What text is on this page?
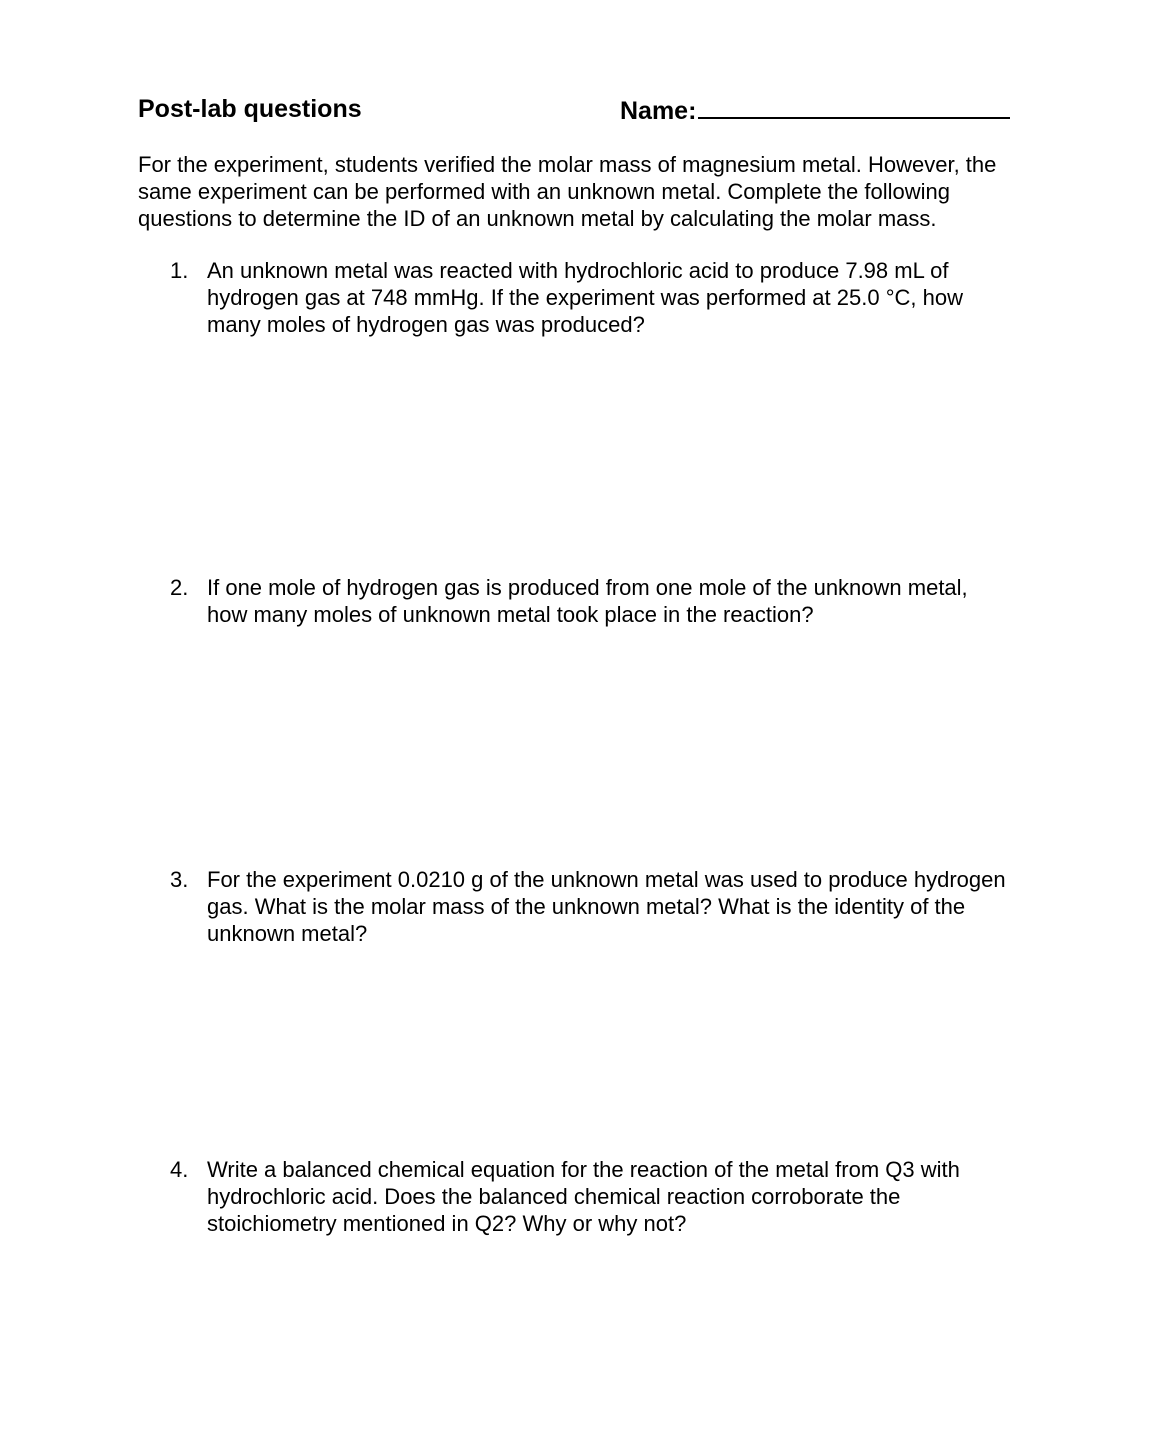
Post-lab questions	Name:

For the experiment, students verified the molar mass of magnesium metal. However, the same experiment can be performed with an unknown metal. Complete the following questions to determine the ID of an unknown metal by calculating the molar mass.

1. An unknown metal was reacted with hydrochloric acid to produce 7.98 mL of hydrogen gas at 748 mmHg. If the experiment was performed at 25.0 °C, how many moles of hydrogen gas was produced?
2. If one mole of hydrogen gas is produced from one mole of the unknown metal, how many moles of unknown metal took place in the reaction?
3. For the experiment 0.0210 g of the unknown metal was used to produce hydrogen gas. What is the molar mass of the unknown metal? What is the identity of the unknown metal?
4. Write a balanced chemical equation for the reaction of the metal from Q3 with hydrochloric acid. Does the balanced chemical reaction corroborate the stoichiometry mentioned in Q2? Why or why not?
